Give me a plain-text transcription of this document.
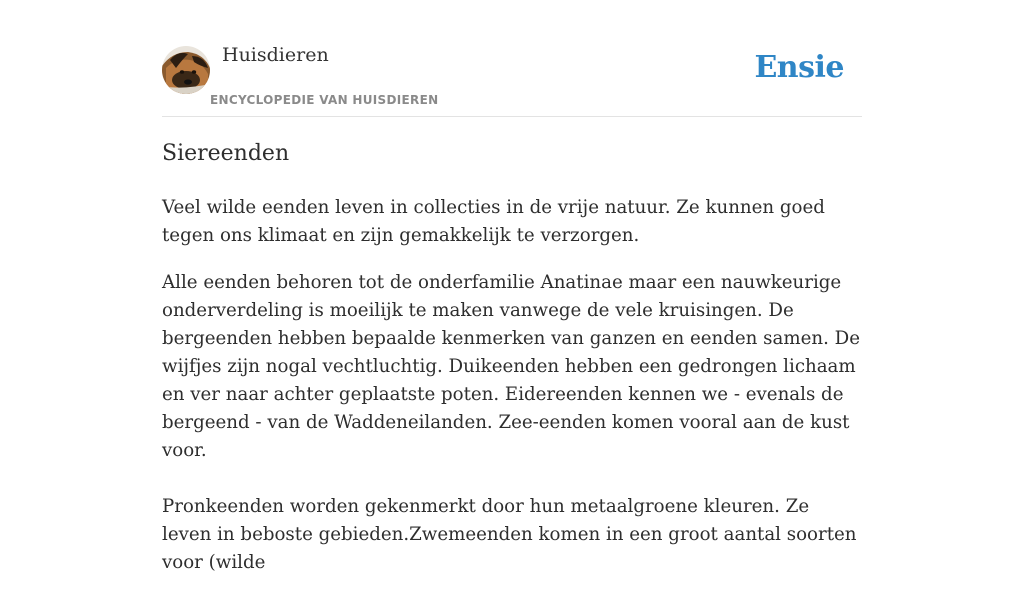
Huisdieren
ENCYCLOPEDIE VAN HUISDIEREN
Ensie
Siereenden

Veel wilde eenden leven in collecties in de vrije natuur. Ze kunnen goed tegen ons klimaat en zijn gemakkelijk te verzorgen.

Alle eenden behoren tot de onderfamilie Anatinae maar een nauwkeurige onderverdeling is moeilijk te maken vanwege de vele kruisingen. De bergeenden hebben bepaalde kenmerken van ganzen en eenden samen. De wijfjes zijn nogal vechtluchtig. Duikeenden hebben een gedrongen lichaam en ver naar achter geplaatste poten. Eidereenden kennen we - evenals de bergeend - van de Waddeneilanden. Zee-eenden komen vooral aan de kust voor.

Pronkeenden worden gekenmerkt door hun metaalgroene kleuren. Ze leven in beboste gebieden.Zwemeenden komen in een groot aantal soorten voor (wilde
